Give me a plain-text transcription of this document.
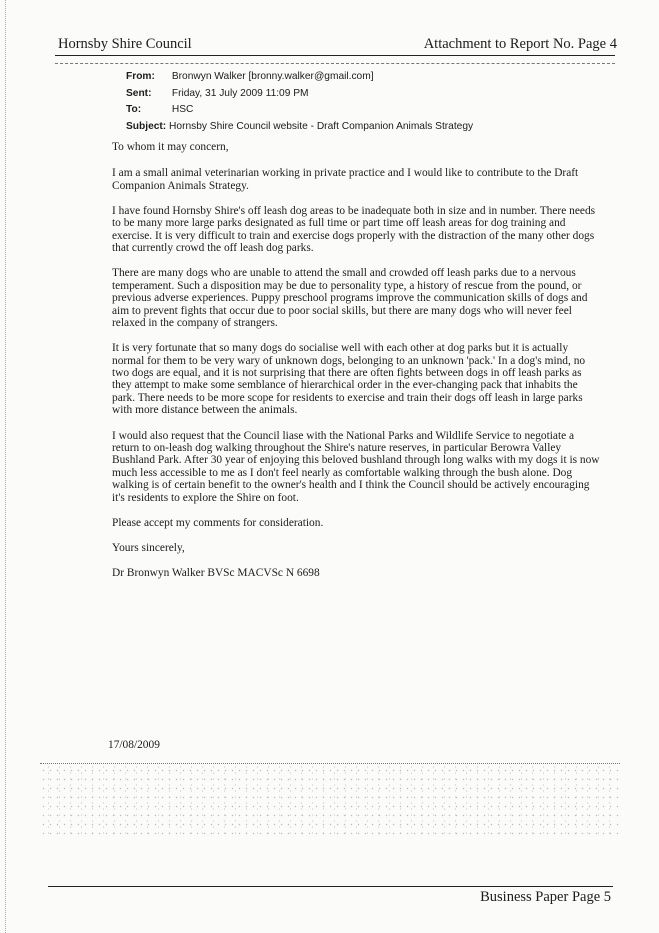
Hornsby Shire Council	Attachment to Report No. Page 4
From: Bronwyn Walker [bronny.walker@gmail.com]
Sent: Friday, 31 July 2009 11:09 PM
To:	HSC
Subject: Hornsby Shire Council website - Draft Companion Animals Strategy

To whom it may concern,

I am a small animal veterinarian working in private practice and I would like to contribute to the Draft Companion Animals Strategy.

I have found Hornsby Shire's off leash dog areas to be inadequate both in size and in number. There needs to be many more large parks designated as full time or part time off leash areas for dog training and exercise. It is very difficult to train and exercise dogs properly with the distraction of the many other dogs that currently crowd the off leash dog parks.

There are many dogs who are unable to attend the small and crowded off leash parks due to a nervous temperament. Such a disposition may be due to personality type, a history of rescue from the pound, or previous adverse experiences. Puppy preschool programs improve the communication skills of dogs and aim to prevent fights that occur due to poor social skills, but there are many dogs who will never feel relaxed in the company of strangers.

It is very fortunate that so many dogs do socialise well with each other at dog parks but it is actually normal for them to be very wary of unknown dogs, belonging to an unknown 'pack.' In a dog's mind, no two dogs are equal, and it is not surprising that there are often fights between dogs in off leash parks as they attempt to make some semblance of hierarchical order in the ever-changing pack that inhabits the park. There needs to be more scope for residents to exercise and train their dogs off leash in large parks with more distance between the animals.

I would also request that the Council liase with the National Parks and Wildlife Service to negotiate a return to on-leash dog walking throughout the Shire's nature reserves, in particular Berowra Valley Bushland Park. After 30 year of enjoying this beloved bushland through long walks with my dogs it is now much less accessible to me as I don't feel nearly as comfortable walking through the bush alone. Dog walking is of certain benefit to the owner's health and I think the Council should be actively encouraging it's residents to explore the Shire on foot.

Please accept my comments for consideration.

Yours sincerely,

Dr Bronwyn Walker BVSc MACVSc N 6698

17/08/2009
Business Paper Page 5
